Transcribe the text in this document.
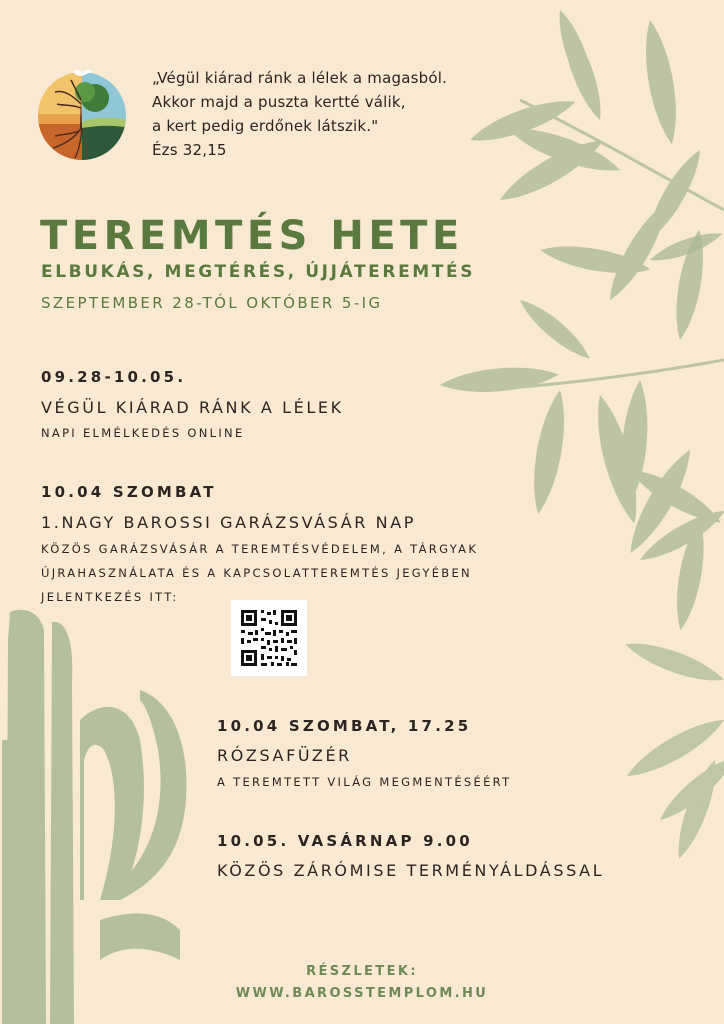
„Végül kiárad ránk a lélek a magasból.
Akkor majd a puszta kertté válik,
a kert pedig erdőnek látszik."
Ézs 32,15
TEREMTÉS HETE
ELBUKÁS, MEGTÉRÉS, ÚJJÁTEREMTÉS
SZEPTEMBER 28-TÓL OKTÓBER 5-IG
09.28-10.05.
VÉGÜL KIÁRAD RÁNK A LÉLEK
NAPI ELMÉLKEDÉS ONLINE
10.04 SZOMBAT
1.NAGY BAROSSI GARÁZSVÁSÁR NAP
KÖZÖS GARÁZSVÁSÁR A TEREMTÉSVÉDELEM, A TÁRGYAK
ÚJRAHASZNÁLATA ÉS A KAPCSOLATTEREMTÉS JEGYÉBEN
JELENTKEZÉS ITT:
10.04 SZOMBAT, 17.25
RÓZSAFÜZÉR
A TEREMTETT VILÁG MEGMENTÉSÉÉRT
10.05. VASÁRNAP 9.00
KÖZÖS ZÁRÓMISE TERMÉNYÁLDÁSSAL
RÉSZLETEK:
WWW.BAROSSTEMPLOM.HU
